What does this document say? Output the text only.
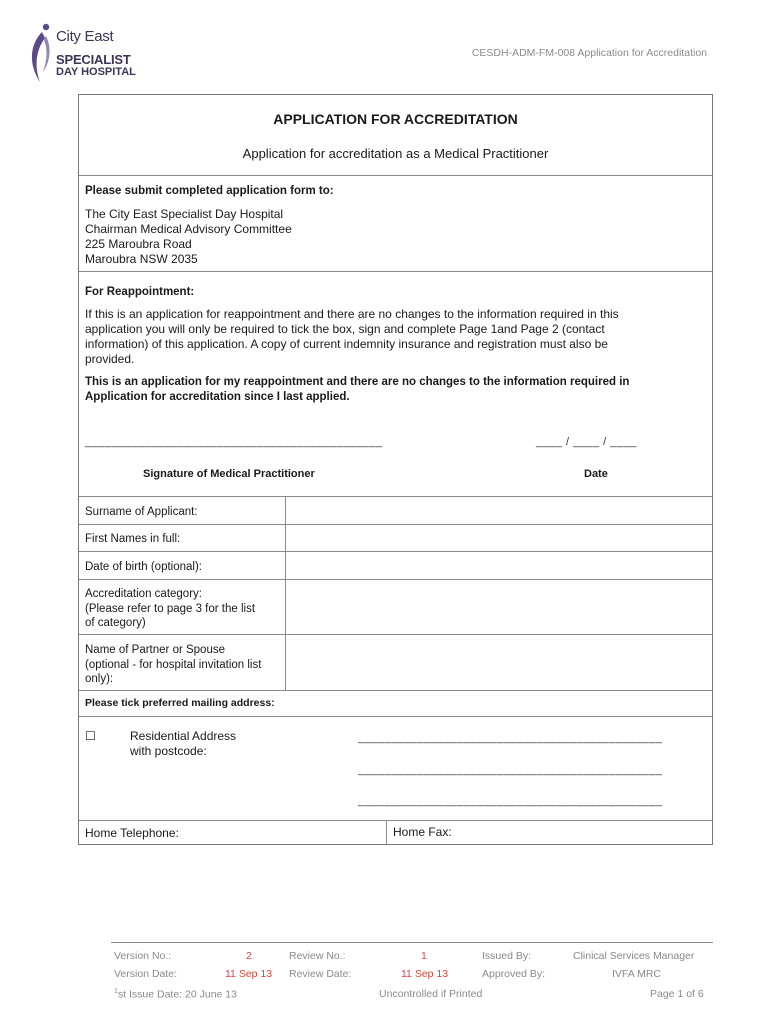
City East
SPECIALIST
DAY HOSPITAL
CESDH-ADM-FM-008 Application for Accreditation
APPLICATION FOR ACCREDITATION
Application for accreditation as a Medical Practitioner
Please submit completed application form to:
The City East Specialist Day Hospital
Chairman Medical Advisory Committee
225 Maroubra Road
Maroubra NSW 2035
For Reappointment:
If this is an application for reappointment and there are no changes to the information required in this
application you will only be required to tick the box, sign and complete Page 1and Page 2 (contact
information) of this application. A copy of current indemnity insurance and registration must also be
provided.
This is an application for my reappointment and there are no changes to the information required in
Application for accreditation since I last applied.
_____________________________________________	____ / ____ / ____
Signature of Medical Practitioner	Date
Surname of Applicant:
First Names in full:
Date of birth (optional):
Accreditation category:
(Please refer to page 3 for the list
of category)
Name of Partner or Spouse
(optional - for hospital invitation list
only):
Please tick preferred mailing address:
☐	Residential Address
with postcode:
______________________________________________
______________________________________________
______________________________________________
Home Telephone:	Home Fax:
Version No.:	2	Review No.:	1	Issued By:	Clinical Services Manager
Version Date:	11 Sep 13 Review Date:	11 Sep 13	Approved By:	IVFA MRC
$^1$st Issue Date: 20 June 13	Uncontrolled if Printed	Page 1 of 6
